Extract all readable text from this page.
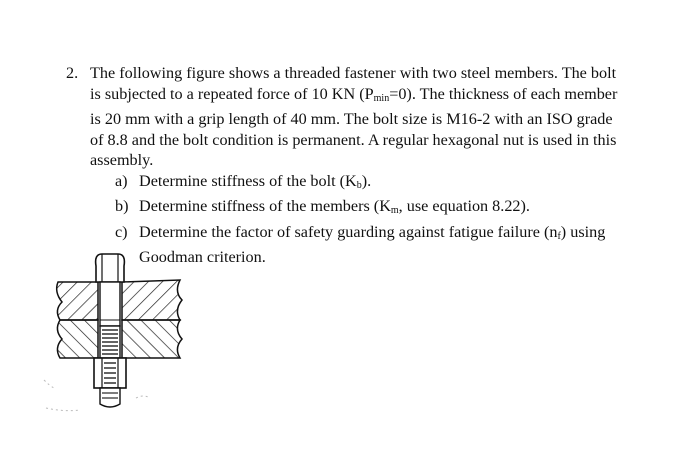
2. The following figure shows a threaded fastener with two steel members. The bolt
is subjected to a repeated force of 10 KN $(P_{min}=0)$. The thickness of each member
is 20 mm with a grip length of 40 mm. The bolt size is M16-2 with an ISO grade
of 8.8 and the bolt condition is permanent. A regular hexagonal nut is used in this
assembly.
a) Determine stiffness of the bolt $(K_b)$.
b) Determine stiffness of the members ($K_m$, use equation 8.22).
c) Determine the factor of safety guarding against fatigue failure $(n_f)$ using Goodman criterion.
